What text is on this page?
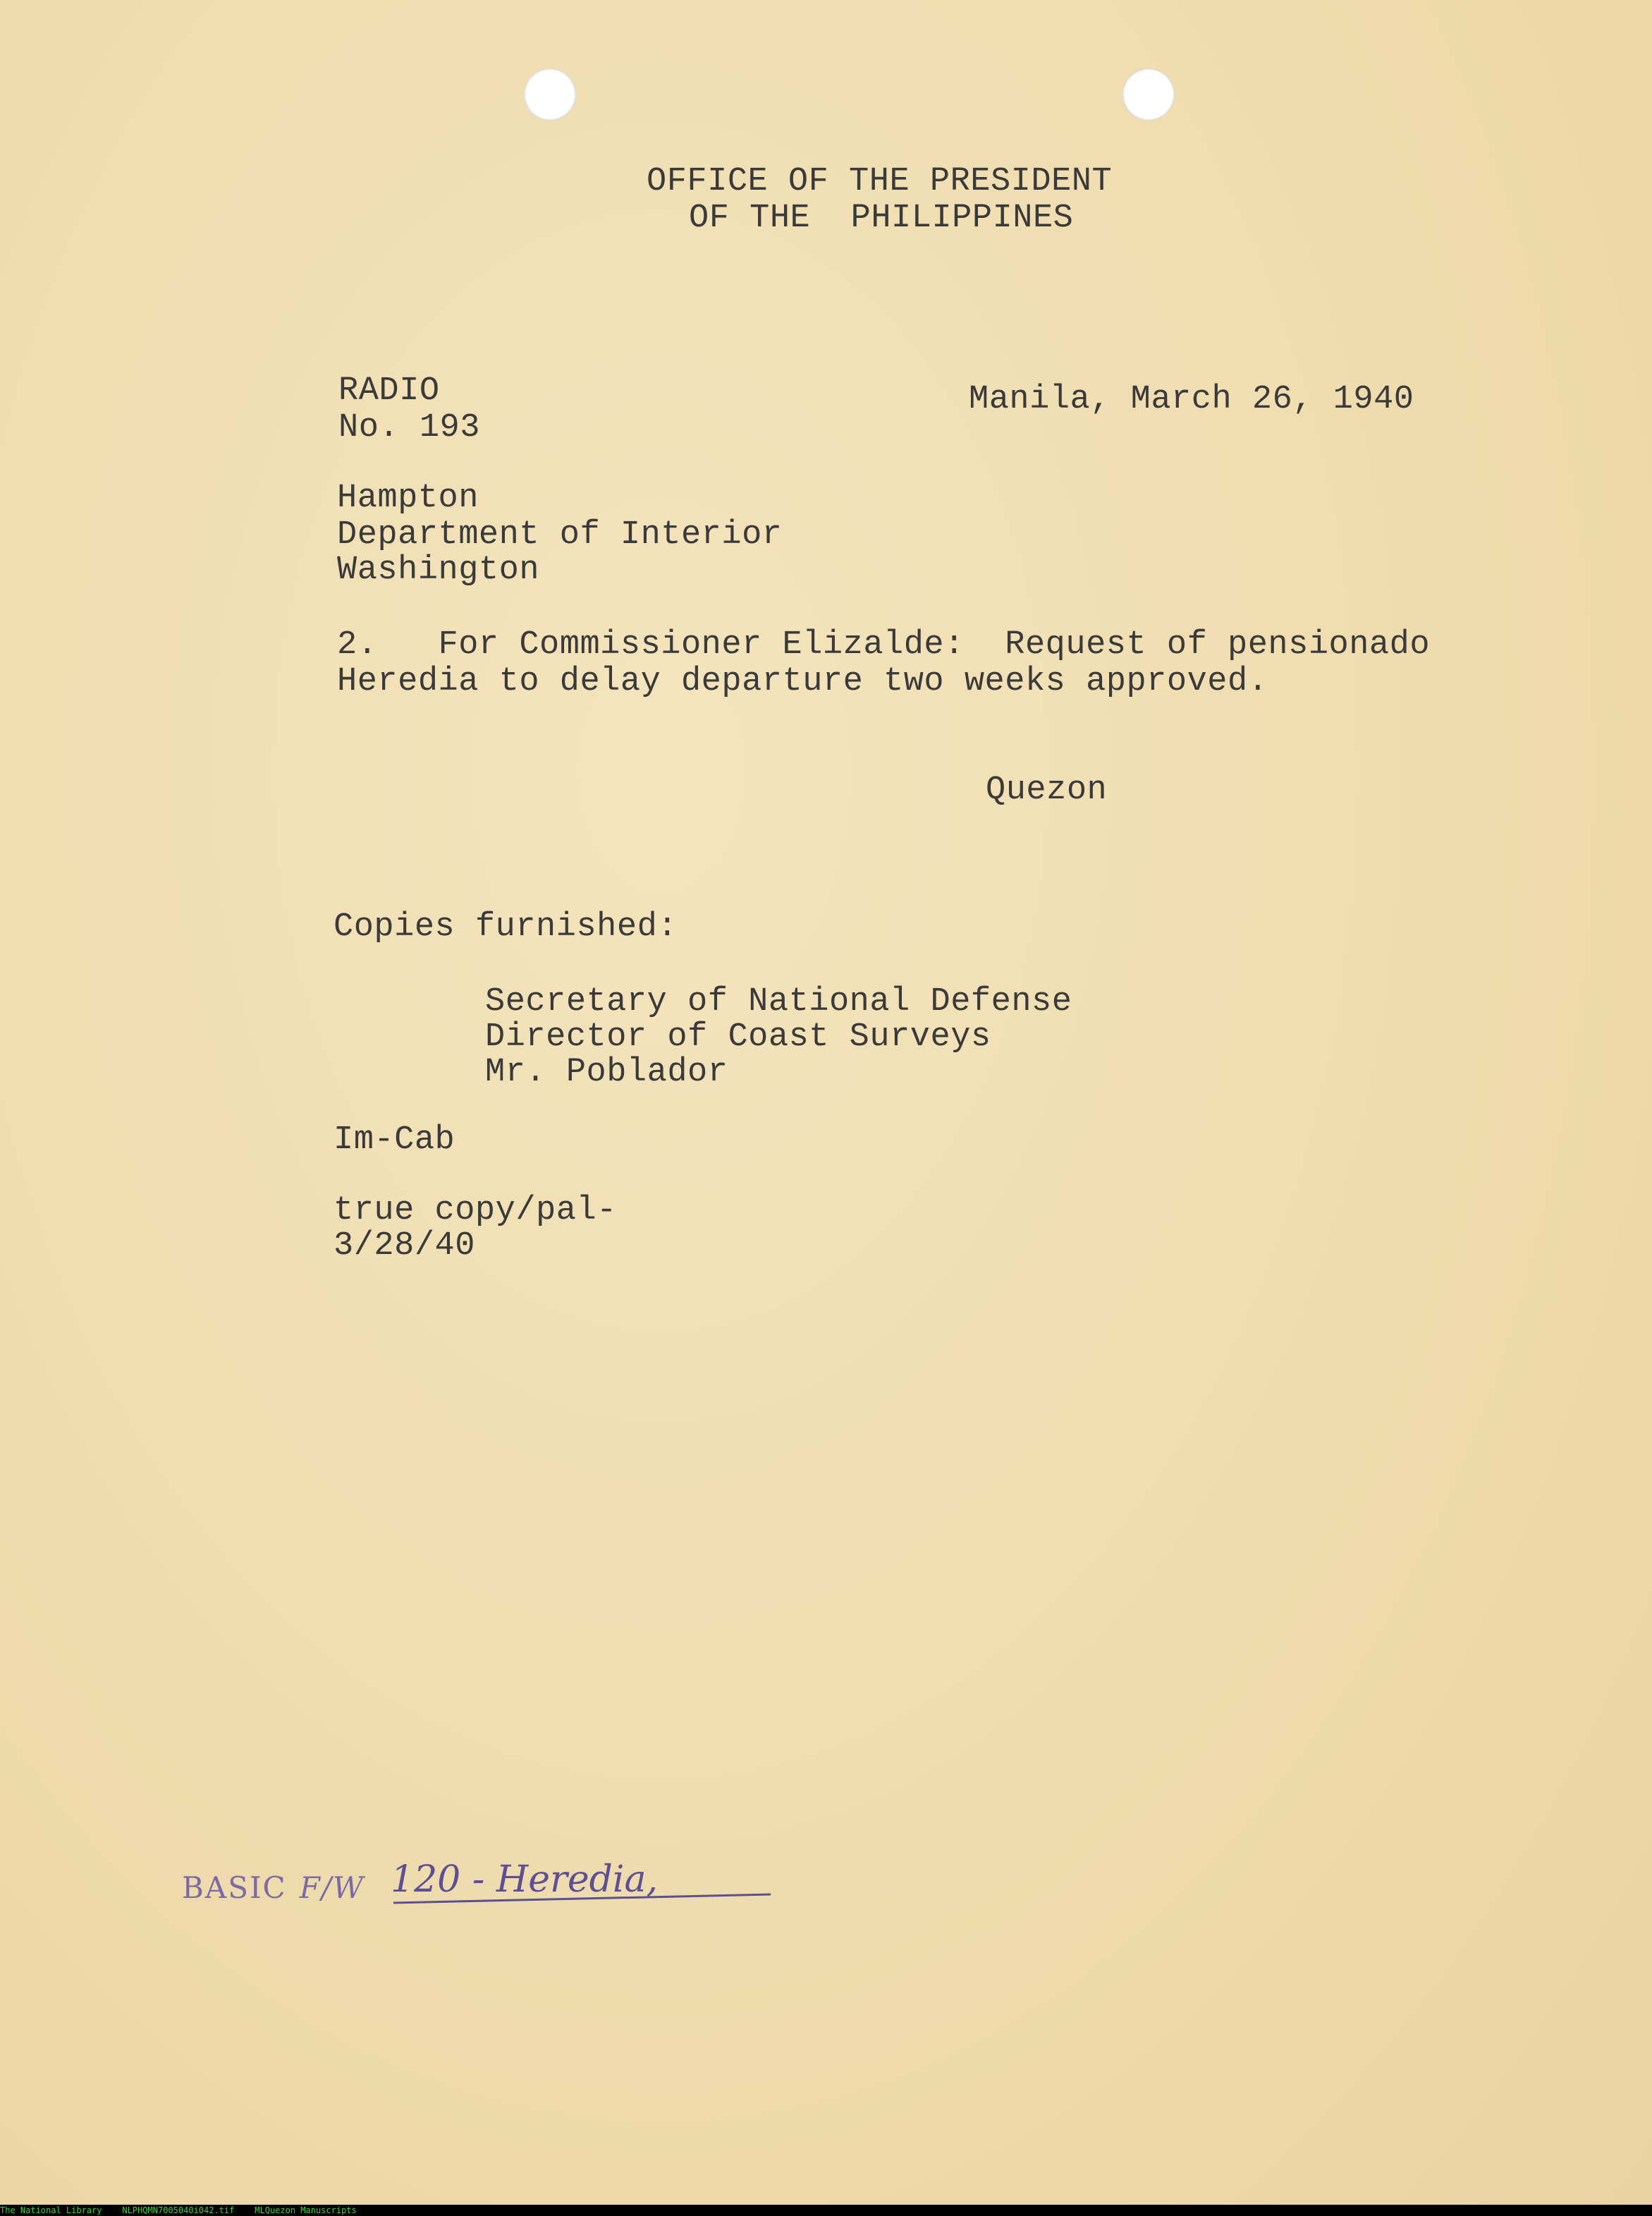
OFFICE OF THE PRESIDENT
OF THE  PHILIPPINES
RADIO
No. 193
Manila, March 26, 1940
Hampton
Department of Interior
Washington
2.   For Commissioner Elizalde:  Request of pensionado
Heredia to delay departure two weeks approved.
Quezon
Copies furnished:
Secretary of National Defense
Director of Coast Surveys
Mr. Poblador
Im-Cab
true copy/pal-
3/28/40
BASIC F/W 120 - Heredia,
The National Library NLPHQMN7005040i042.tif MLQuezon Manuscripts
